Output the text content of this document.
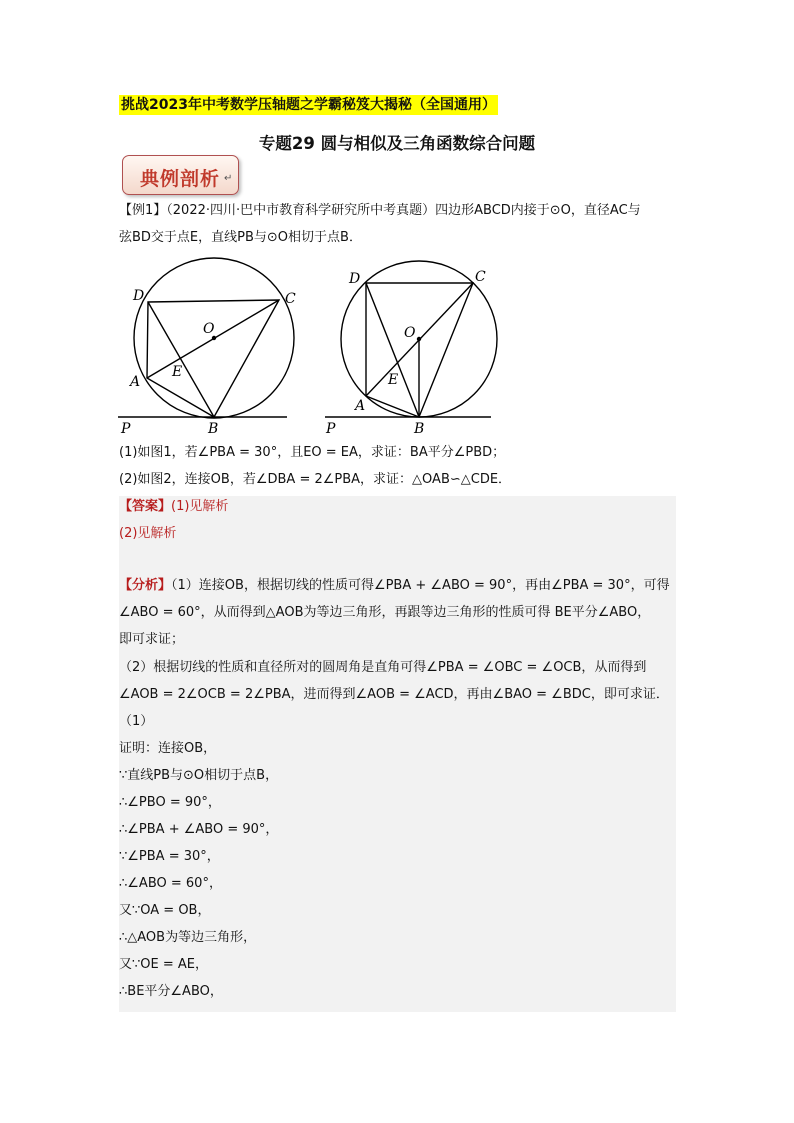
挑战2023年中考数学压轴题之学霸秘笈大揭秘（全国通用）
专题29 圆与相似及三角函数综合问题
典例剖析 ↵
【例1】（2022·四川·巴中市教育科学研究所中考真题）四边形ABCD内接于⊙O，直径AC与
弦BD交于点E，直线PB与⊙O相切于点B．
D	C
O
A
E
P	B
D	C
O
A
E
P	B
(1)如图1，若∠PBA = 30°，且EO = EA，求证：BA平分∠PBD；
(2)如图2，连接OB，若∠DBA = 2∠PBA，求证：△OAB∽△CDE．
【答案】(1)见解析
(2)见解析
【分析】（1）连接OB，根据切线的性质可得∠PBA + ∠ABO = 90°，再由∠PBA = 30°，可得
∠ABO = 60°，从而得到△AOB为等边三角形，再跟等边三角形的性质可得 BE平分∠ABO，
即可求证；
（2）根据切线的性质和直径所对的圆周角是直角可得∠PBA = ∠OBC = ∠OCB，从而得到
∠AOB = 2∠OCB = 2∠PBA，进而得到∠AOB = ∠ACD，再由∠BAO = ∠BDC，即可求证．
（1）
证明：连接OB，
∵直线PB与⊙O相切于点B，
∴∠PBO = 90°，
∴∠PBA + ∠ABO = 90°，
∵∠PBA = 30°，
∴∠ABO = 60°，
又∵OA = OB，
∴△AOB为等边三角形，
又∵OE = AE，
∴BE平分∠ABO，
